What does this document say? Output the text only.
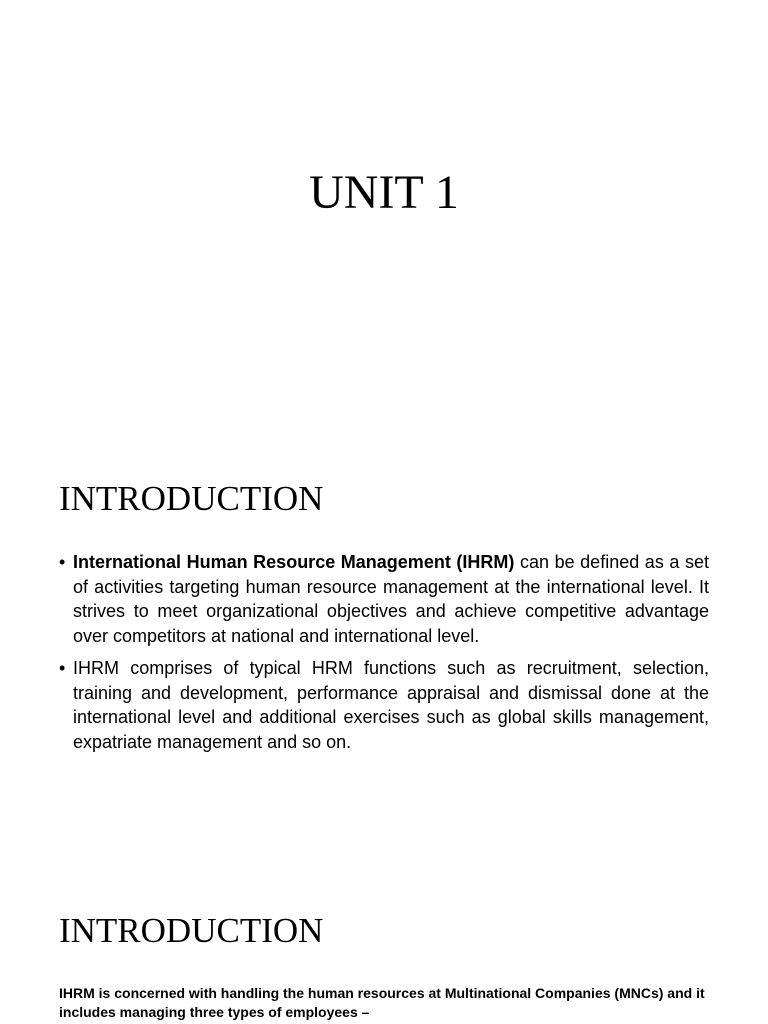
UNIT 1
INTRODUCTION
• International Human Resource Management (IHRM) can be defined as a set of activities targeting human resource management at the international level. It strives to meet organizational objectives and achieve competitive advantage over competitors at national and international level.
• IHRM comprises of typical HRM functions such as recruitment, selection, training and development, performance appraisal and dismissal done at the international level and additional exercises such as global skills management, expatriate management and so on.
INTRODUCTION

IHRM is concerned with handling the human resources at Multinational Companies (MNCs) and it includes managing three types of employees –
